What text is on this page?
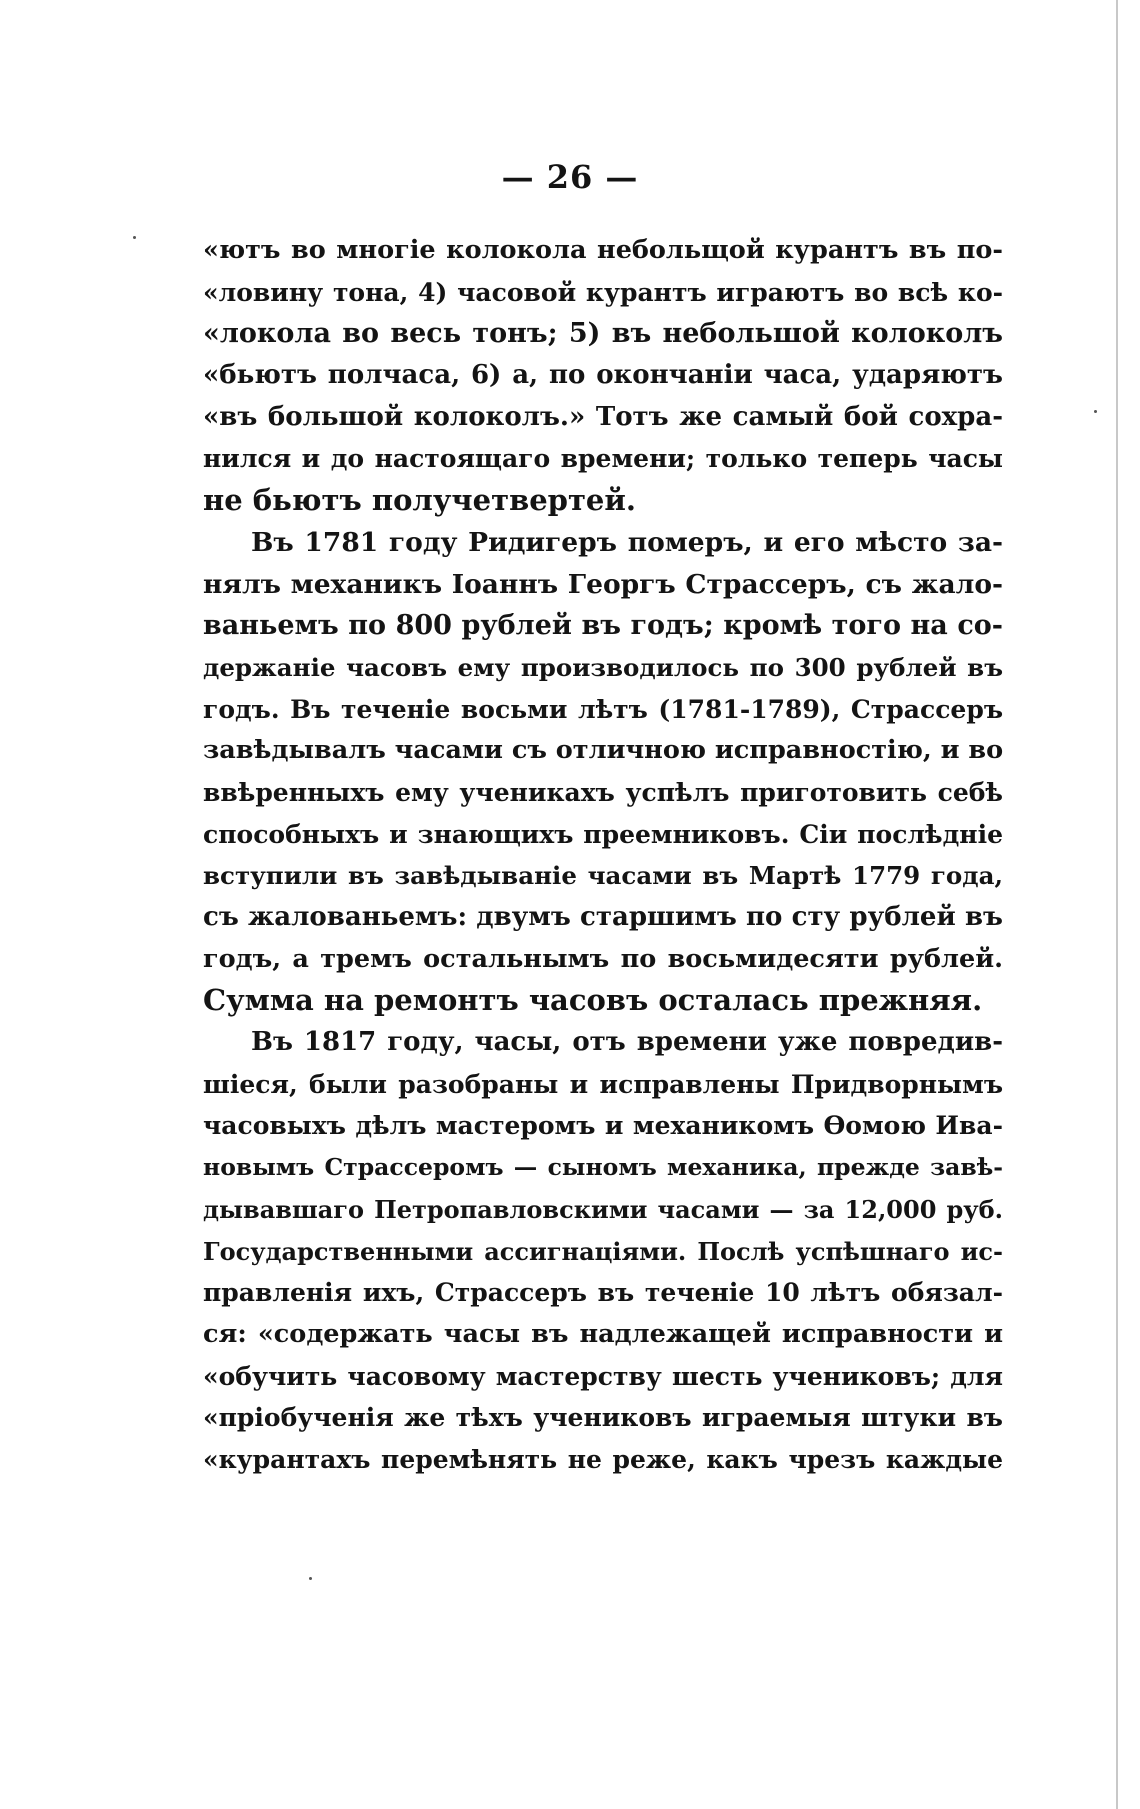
— 26 —
«ютъ во многіе колокола небольщой курантъ въ по-
«ловину тона, 4) часовой курантъ играютъ во всѣ ко-
«локола во весь тонъ; 5) въ небольшой колоколъ
«бьютъ полчаса, 6) а, по окончаніи часа, ударяютъ
«въ большой колоколъ.» Тотъ же самый бой сохра-
нился и до настоящаго времени; только теперь часы
не бьютъ получетвертей.
Въ 1781 году Ридигеръ померъ, и его мѣсто за-
нялъ механикъ Іоаннъ Георгъ Страссеръ, съ жало-
ваньемъ по 800 рублей въ годъ; кромѣ того на со-
держаніе часовъ ему производилось по 300 рублей въ
годъ. Въ теченіе восьми лѣтъ (1781-1789), Страссеръ
завѣдывалъ часами съ отличною исправностію, и во
ввѣренныхъ ему ученикахъ успѣлъ приготовить себѣ
способныхъ и знающихъ преемниковъ. Сіи послѣдніе
вступили въ завѣдываніе часами въ Мартѣ 1779 года,
съ жалованьемъ: двумъ старшимъ по сту рублей въ
годъ, а тремъ остальнымъ по восьмидесяти рублей.
Сумма на ремонтъ часовъ осталась прежняя.
Въ 1817 году, часы, отъ времени уже повредив-
шіеся, были разобраны и исправлены Придворнымъ
часовыхъ дѣлъ мастеромъ и механикомъ Ѳомою Ива-
новымъ Страссеромъ — сыномъ механика, прежде завѣ-
дывавшаго Петропавловскими часами — за 12,000 руб.
Государственными ассигнаціями. Послѣ успѣшнаго ис-
правленія ихъ, Страссеръ въ теченіе 10 лѣтъ обязал-
ся: «содержать часы въ надлежащей исправности и
«обучить часовому мастерству шесть учениковъ; для
«пріобученія же тѣхъ учениковъ играемыя штуки въ
«курантахъ перемѣнять не реже, какъ чрезъ каждые
